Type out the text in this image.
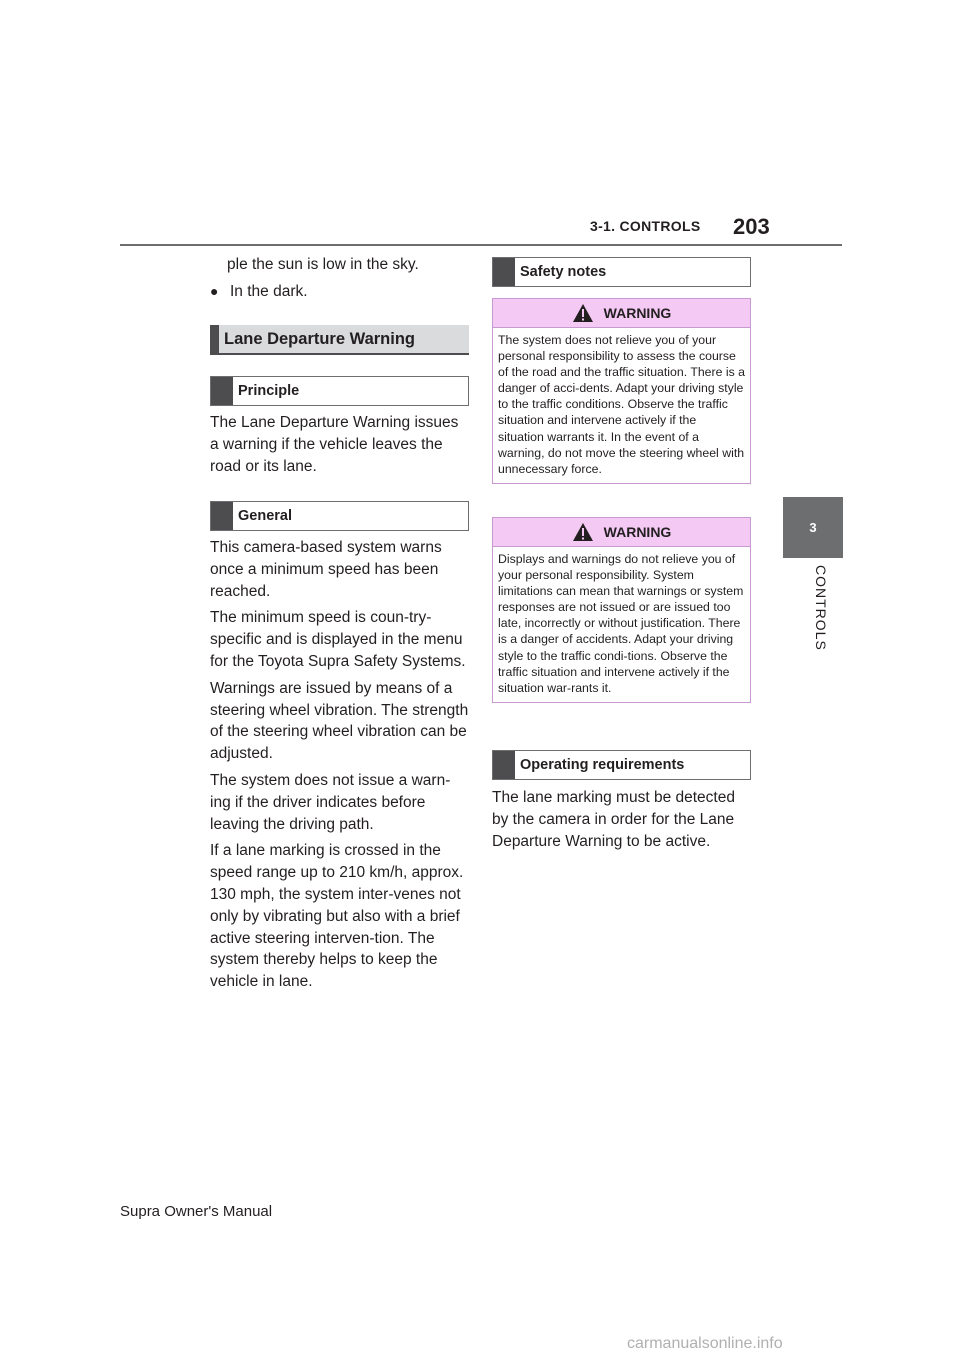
3-1. CONTROLS 203
3
CONTROLS

ple the sun is low in the sky.

● In the dark.
Lane Departure Warning
Principle

The Lane Departure Warning issues a warning if the vehicle leaves the road or its lane.

General

This camera-based system warns once a minimum speed has been reached.

The minimum speed is coun-try-specific and is displayed in the menu for the Toyota Supra Safety Systems.

Warnings are issued by means of a steering wheel vibration. The strength of the steering wheel vibration can be adjusted.

The system does not issue a warn-ing if the driver indicates before leaving the driving path.

If a lane marking is crossed in the speed range up to 210 km/h, approx. 130 mph, the system inter-venes not only by vibrating but also with a brief active steering interven-tion. The system thereby helps to keep the vehicle in lane.

Safety notes
WARNING
The system does not relieve you of your personal responsibility to assess the course of the road and the traffic situation. There is a danger of acci-dents. Adapt your driving style to the traffic conditions. Observe the traffic situation and intervene actively if the situation warrants it. In the event of a warning, do not move the steering wheel with unnecessary force.
WARNING
Displays and warnings do not relieve you of your personal responsibility. System limitations can mean that warnings or system responses are not issued or are issued too late, incorrectly or without justification. There is a danger of accidents. Adapt your driving style to the traffic condi-tions. Observe the traffic situation and intervene actively if the situation war-rants it.
Operating requirements

The lane marking must be detected by the camera in order for the Lane Departure Warning to be active.

Supra Owner's Manual
carmanualsonline.info
